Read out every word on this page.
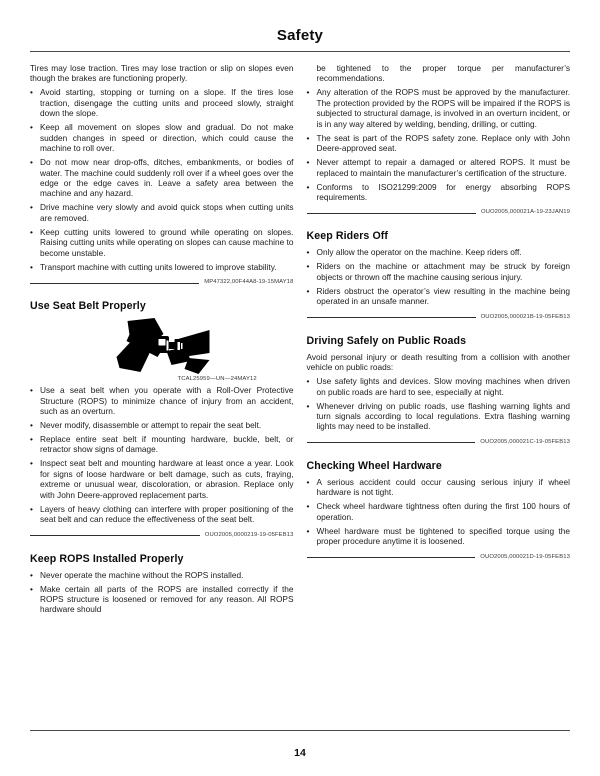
Safety
Tires may lose traction. Tires may lose traction or slip on slopes even though the brakes are functioning properly.
• Avoid starting, stopping or turning on a slope. If the tires lose traction, disengage the cutting units and proceed slowly, straight down the slope.
• Keep all movement on slopes slow and gradual. Do not make sudden changes in speed or direction, which could cause the machine to roll over.
• Do not mow near drop-offs, ditches, embankments, or bodies of water. The machine could suddenly roll over if a wheel goes over the edge or the edge caves in. Leave a safety area between the machine and any hazard.
• Drive machine very slowly and avoid quick stops when cutting units are removed.
• Keep cutting units lowered to ground while operating on slopes. Raising cutting units while operating on slopes can cause machine to become unstable.
• Transport machine with cutting units lowered to improve stability.
MP47322,00F44A8-19-15MAY18
Use Seat Belt Properly
TCAL25959—UN—24MAY12
• Use a seat belt when you operate with a Roll-Over Protective Structure (ROPS) to minimize chance of injury from an accident, such as an overturn.
• Never modify, disassemble or attempt to repair the seat belt.
• Replace entire seat belt if mounting hardware, buckle, belt, or retractor show signs of damage.
• Inspect seat belt and mounting hardware at least once a year. Look for signs of loose hardware or belt damage, such as cuts, fraying, extreme or unusual wear, discoloration, or abrasion. Replace only with John Deere-approved replacement parts.
• Layers of heavy clothing can interfere with proper positioning of the seat belt and can reduce the effectiveness of the seat belt.
OUO2005,0000219-19-05FEB13
Keep ROPS Installed Properly
• Never operate the machine without the ROPS installed.
• Make certain all parts of the ROPS are installed correctly if the ROPS structure is loosened or removed for any reason. All ROPS hardware should
be tightened to the proper torque per manufacturer’s recommendations.
• Any alteration of the ROPS must be approved by the manufacturer. The protection provided by the ROPS will be impaired if the ROPS is subjected to structural damage, is involved in an overturn incident, or is in any way altered by welding, bending, drilling, or cutting.
• The seat is part of the ROPS safety zone. Replace only with John Deere-approved seat.
• Never attempt to repair a damaged or altered ROPS. It must be replaced to maintain the manufacturer’s certification of the structure.
• Conforms to ISO21299:2009 for energy absorbing ROPS requirements.
OUO2005,000021A-19-23JAN19
Keep Riders Off
• Only allow the operator on the machine. Keep riders off.
• Riders on the machine or attachment may be struck by foreign objects or thrown off the machine causing serious injury.
• Riders obstruct the operator’s view resulting in the machine being operated in an unsafe manner.
OUO2005,000021B-19-05FEB13
Driving Safely on Public Roads
Avoid personal injury or death resulting from a collision with another vehicle on public roads:
• Use safety lights and devices. Slow moving machines when driven on public roads are hard to see, especially at night.
• Whenever driving on public roads, use flashing warning lights and turn signals according to local regulations. Extra flashing warning lights may need to be installed.
OUO2005,000021C-19-05FEB13
Checking Wheel Hardware
• A serious accident could occur causing serious injury if wheel hardware is not tight.
• Check wheel hardware tightness often during the first 100 hours of operation.
• Wheel hardware must be tightened to specified torque using the proper procedure anytime it is loosened.
OUO2005,000021D-19-05FEB13
14
